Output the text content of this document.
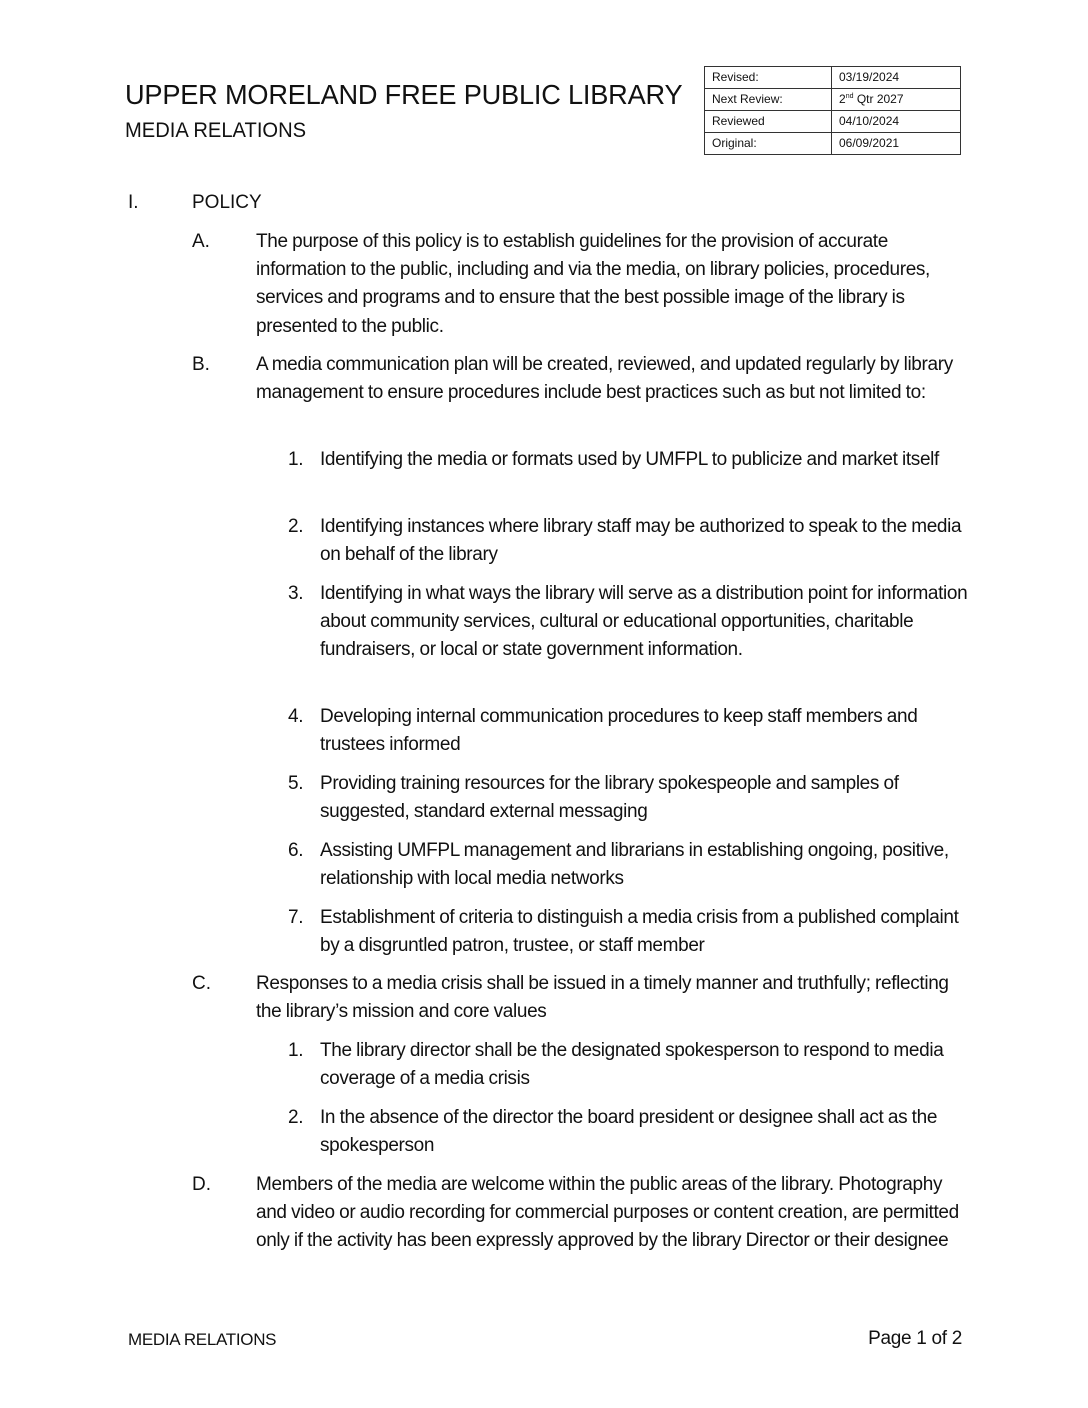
UPPER MORELAND FREE PUBLIC LIBRARY
MEDIA RELATIONS
Revised:	03/19/2024
Next Review:	2nd Qtr 2027
Reviewed	04/10/2024
Original:	06/09/2021
I.	POLICY
A. The purpose of this policy is to establish guidelines for the provision of accurate information to the public, including and via the media, on library policies, procedures, services and programs and to ensure that the best possible image of the library is presented to the public.
B. A media communication plan will be created, reviewed, and updated regularly by library management to ensure procedures include best practices such as but not limited to:
1. Identifying the media or formats used by UMFPL to publicize and market itself
2. Identifying instances where library staff may be authorized to speak to the media on behalf of the library
3. Identifying in what ways the library will serve as a distribution point for information about community services, cultural or educational opportunities, charitable fundraisers, or local or state government information.
4. Developing internal communication procedures to keep staff members and trustees informed
5. Providing training resources for the library spokespeople and samples of suggested, standard external messaging
6. Assisting UMFPL management and librarians in establishing ongoing, positive, relationship with local media networks
7. Establishment of criteria to distinguish a media crisis from a published complaint by a disgruntled patron, trustee, or staff member
C. Responses to a media crisis shall be issued in a timely manner and truthfully; reflecting the library’s mission and core values
1. The library director shall be the designated spokesperson to respond to media coverage of a media crisis
2. In the absence of the director the board president or designee shall act as the spokesperson
D. Members of the media are welcome within the public areas of the library. Photography and video or audio recording for commercial purposes or content creation, are permitted only if the activity has been expressly approved by the library Director or their designee
MEDIA RELATIONS	Page 1 of 2
